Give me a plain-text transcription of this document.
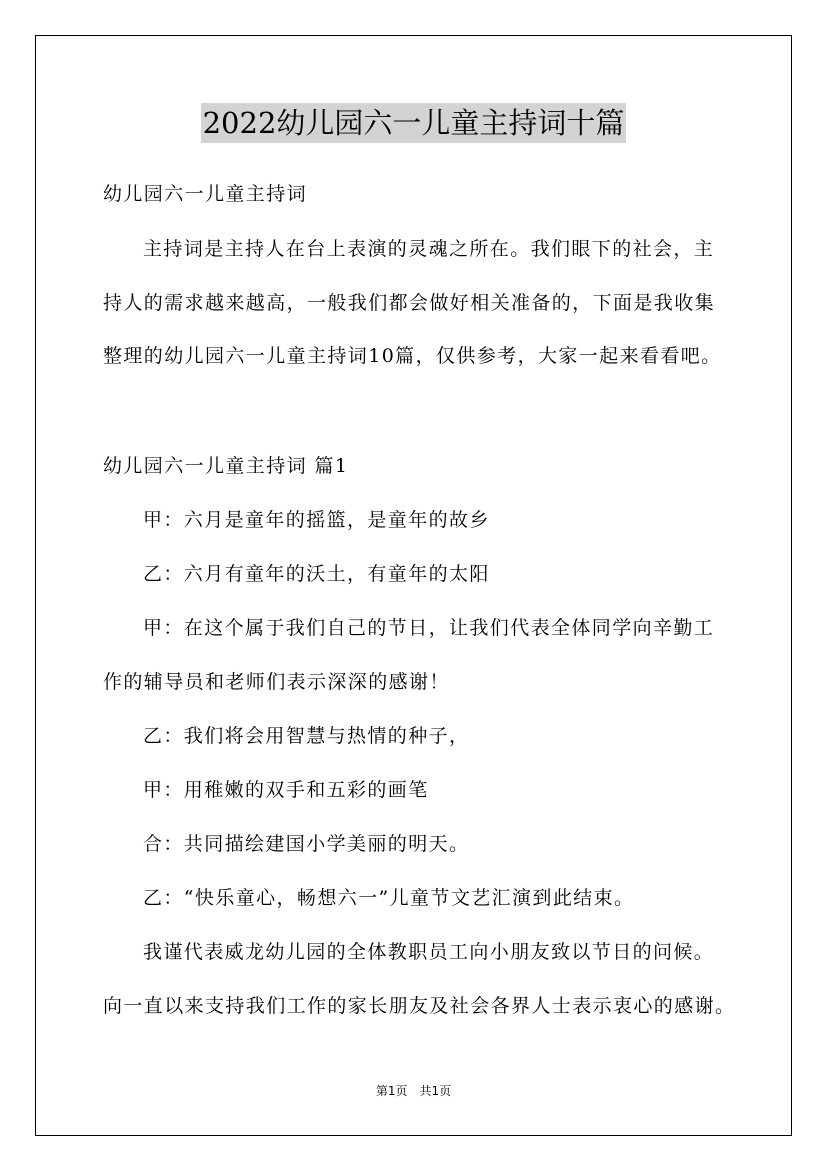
2022幼儿园六一儿童主持词十篇
幼儿园六一儿童主持词
主持词是主持人在台上表演的灵魂之所在。我们眼下的社会，主
持人的需求越来越高，一般我们都会做好相关准备的，下面是我收集
整理的幼儿园六一儿童主持词10篇，仅供参考，大家一起来看看吧。
幼儿园六一儿童主持词 篇1
甲：六月是童年的摇篮，是童年的故乡
乙：六月有童年的沃土，有童年的太阳
甲：在这个属于我们自己的节日，让我们代表全体同学向辛勤工
作的辅导员和老师们表示深深的感谢！
乙：我们将会用智慧与热情的种子，
甲：用稚嫩的双手和五彩的画笔
合：共同描绘建国小学美丽的明天。
乙：“快乐童心，畅想六一”儿童节文艺汇演到此结束。
我谨代表威龙幼儿园的全体教职员工向小朋友致以节日的问候。
向一直以来支持我们工作的家长朋友及社会各界人士表示衷心的感谢。
第1页　共1页
